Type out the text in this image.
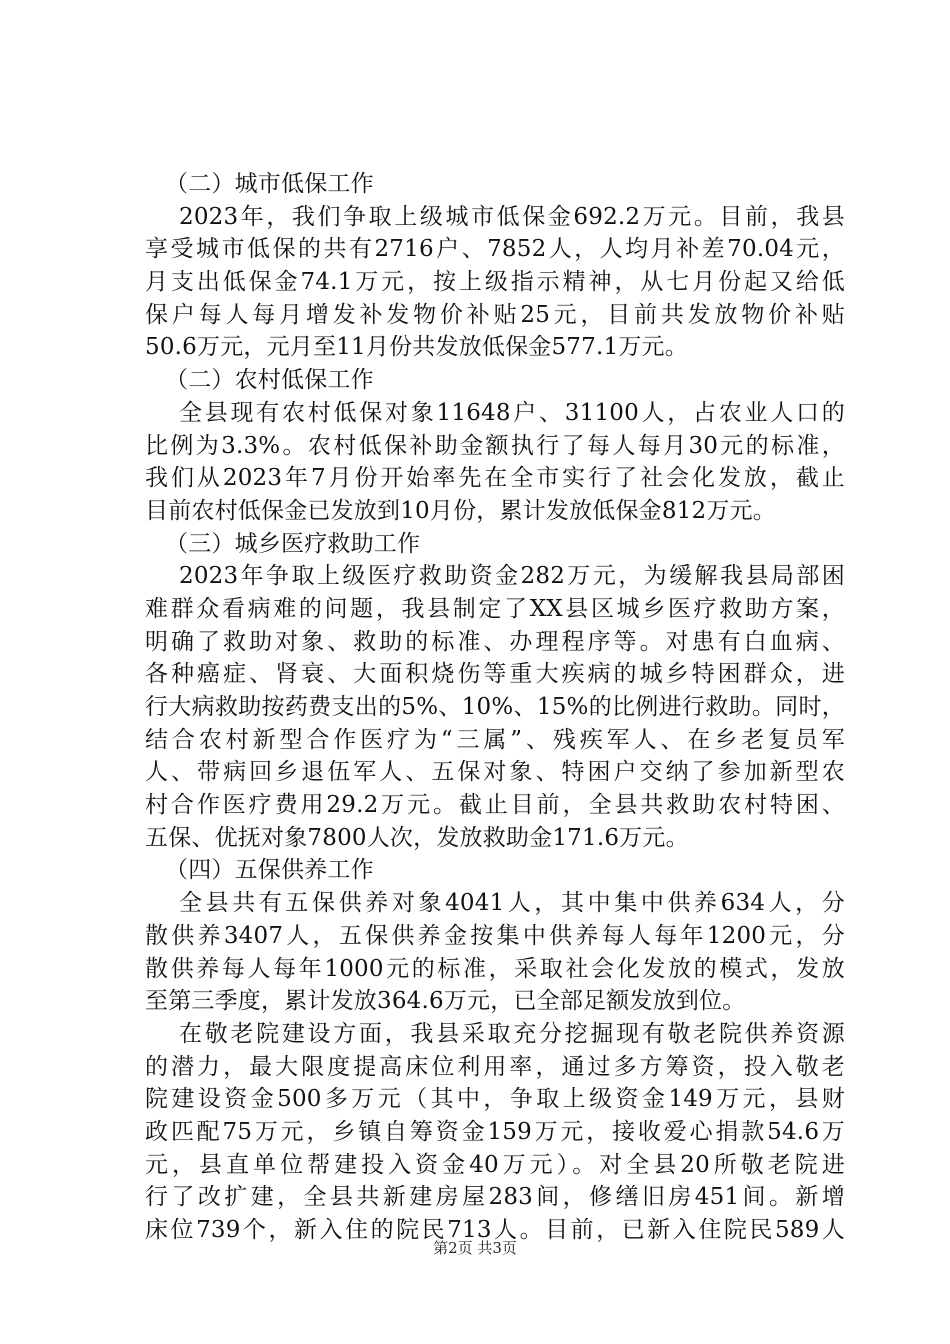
（二）城市低保工作
2023年，我们争取上级城市低保金692.2万元。目前，我县
享受城市低保的共有2716户、7852人，人均月补差70.04元，
月支出低保金74.1万元，按上级指示精神，从七月份起又给低
保户每人每月增发补发物价补贴25元，目前共发放物价补贴
50.6万元，元月至11月份共发放低保金577.1万元。
（二）农村低保工作
全县现有农村低保对象11648户、31100人，占农业人口的
比例为3.3%。农村低保补助金额执行了每人每月30元的标准，
我们从2023年7月份开始率先在全市实行了社会化发放，截止
目前农村低保金已发放到10月份，累计发放低保金812万元。
（三）城乡医疗救助工作
2023年争取上级医疗救助资金282万元，为缓解我县局部困
难群众看病难的问题，我县制定了XX县区城乡医疗救助方案，
明确了救助对象、救助的标准、办理程序等。对患有白血病、
各种癌症、肾衰、大面积烧伤等重大疾病的城乡特困群众，进
行大病救助按药费支出的5%、10%、15%的比例进行救助。同时，
结合农村新型合作医疗为“三属”、残疾军人、在乡老复员军
人、带病回乡退伍军人、五保对象、特困户交纳了参加新型农
村合作医疗费用29.2万元。截止目前，全县共救助农村特困、
五保、优抚对象7800人次，发放救助金171.6万元。
（四）五保供养工作
全县共有五保供养对象4041人，其中集中供养634人，分
散供养3407人，五保供养金按集中供养每人每年1200元，分
散供养每人每年1000元的标准，采取社会化发放的模式，发放
至第三季度，累计发放364.6万元，已全部足额发放到位。
在敬老院建设方面，我县采取充分挖掘现有敬老院供养资源
的潜力，最大限度提高床位利用率，通过多方筹资，投入敬老
院建设资金500多万元（其中，争取上级资金149万元，县财
政匹配75万元，乡镇自筹资金159万元，接收爱心捐款54.6万
元，县直单位帮建投入资金40万元）。对全县20所敬老院进
行了改扩建，全县共新建房屋283间，修缮旧房451间。新增
床位739个，新入住的院民713人。目前，已新入住院民589人
第2页 共3页
